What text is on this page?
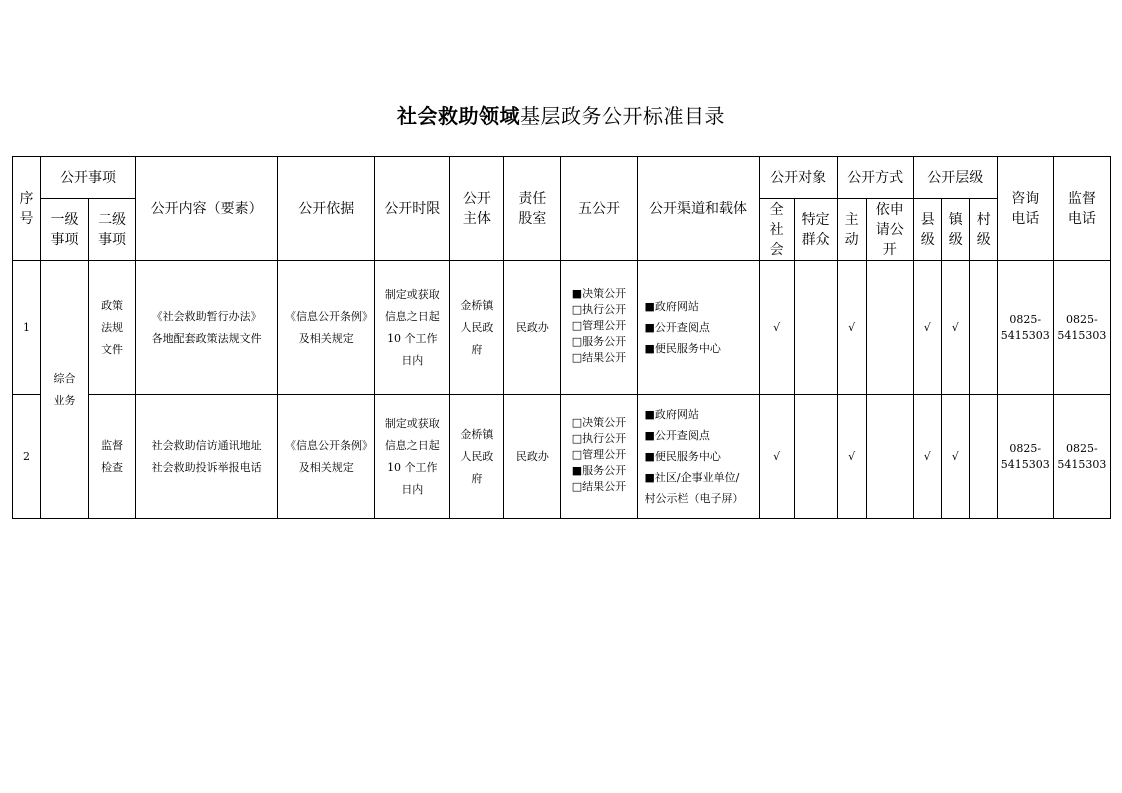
社会救助领域基层政务公开标准目录
序号	公开事项		公开内容（要素）	公开依据	公开时限	公开主体	责任股室	五公开	公开渠道和载体	公开对象		公开方式		公开层级			咨询电话	监督电话
	一级事项	二级事项								全社会	特定群众	主动	依申请公开	县级	镇级	村级		
1	综合业务	政策法规文件	《社会救助暂行办法》
各地配套政策法规文件	《信息公开条例》及相关规定	制定或获取信息之日起 10 个工作日内	金桥镇人民政府	民政办	■决策公开
□执行公开
□管理公开
□服务公开
□结果公开	■政府网站
■公开查阅点
■便民服务中心	√		√		√	√		0825-5415303	0825-5415303
2		监督检查	社会救助信访通讯地址
社会救助投诉举报电话	《信息公开条例》及相关规定	制定或获取信息之日起 10 个工作日内	金桥镇人民政府	民政办	□决策公开
□执行公开
□管理公开
■服务公开
□结果公开	■政府网站
■公开查阅点
■便民服务中心
■社区/企事业单位/
村公示栏（电子屏）	√		√		√	√		0825-5415303	0825-5415303
